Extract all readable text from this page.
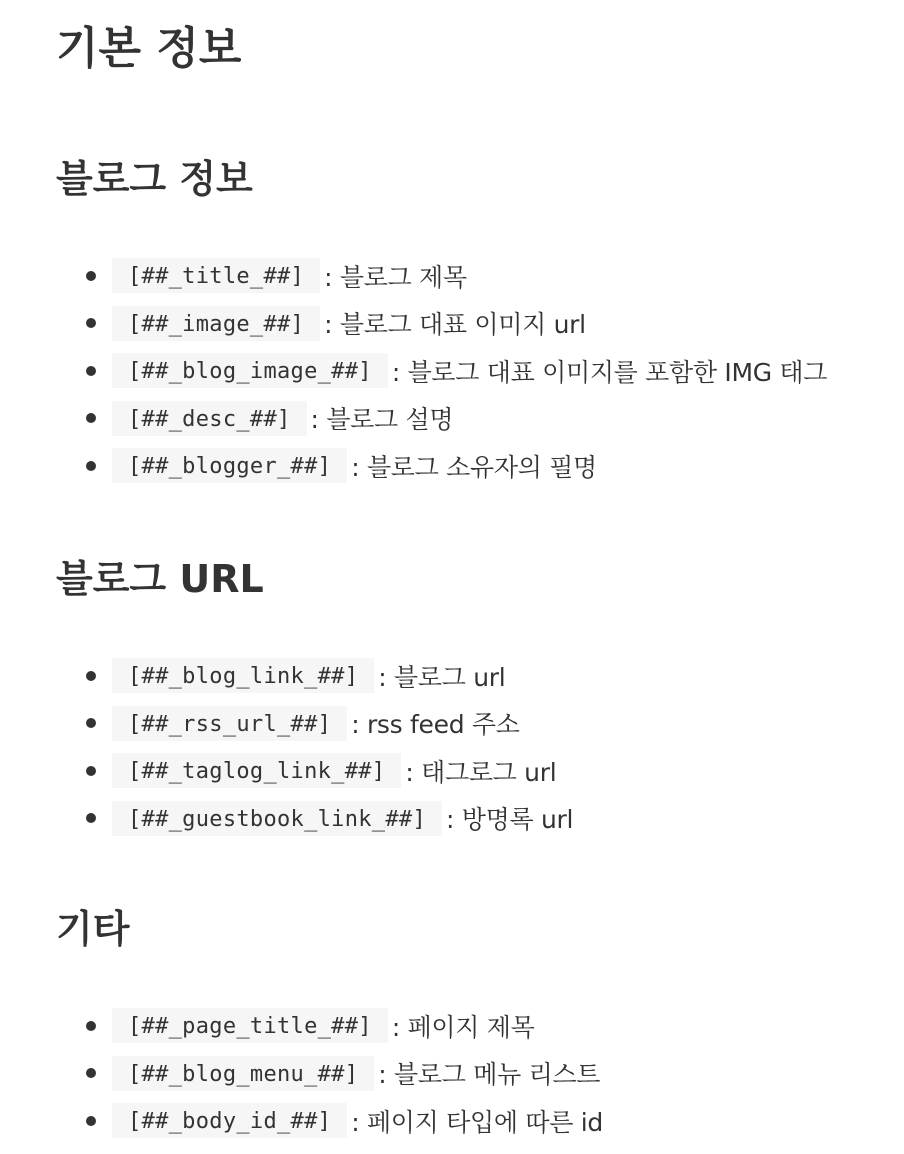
기본 정보
블로그 정보
[##_title_##] : 블로그 제목
[##_image_##] : 블로그 대표 이미지 url
[##_blog_image_##] : 블로그 대표 이미지를 포함한 IMG 태그
[##_desc_##] : 블로그 설명
[##_blogger_##] : 블로그 소유자의 필명
블로그 URL
[##_blog_link_##] : 블로그 url
[##_rss_url_##] : rss feed 주소
[##_taglog_link_##] : 태그로그 url
[##_guestbook_link_##] : 방명록 url
기타
[##_page_title_##] : 페이지 제목
[##_blog_menu_##] : 블로그 메뉴 리스트
[##_body_id_##] : 페이지 타입에 따른 id
